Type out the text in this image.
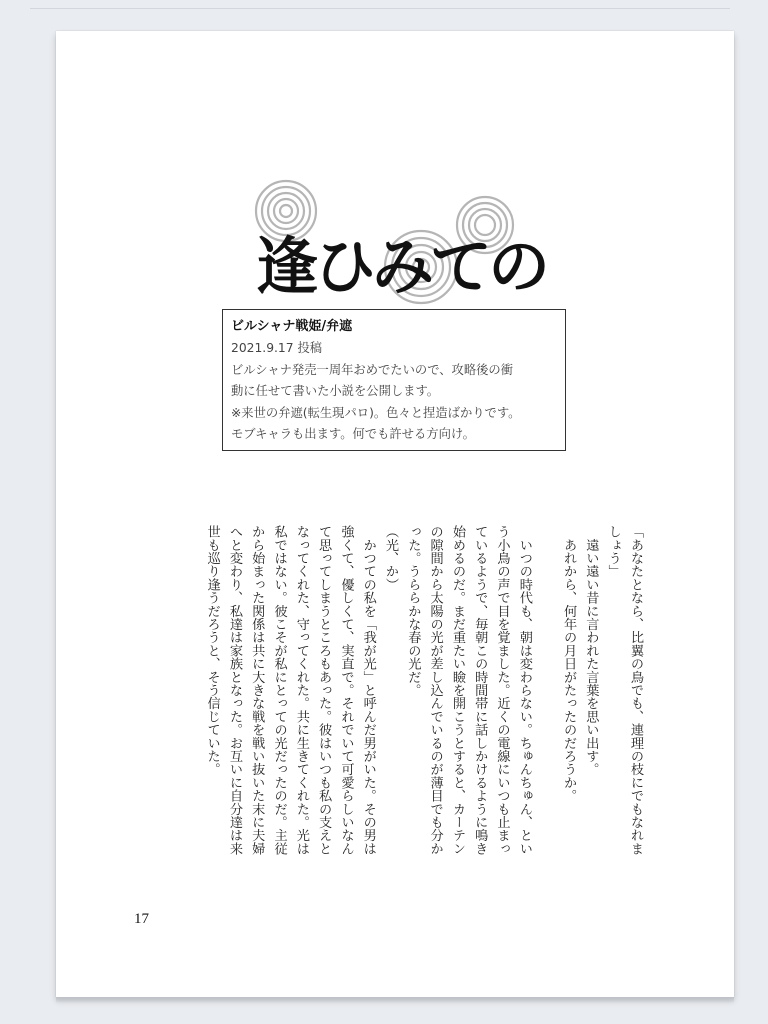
逢ひみての
ビルシャナ戦姫/弁遮
2021.9.17 投稿
ビルシャナ発売一周年おめでたいので、攻略後の衝
動に任せて書いた小説を公開します。
※来世の弁遮(転生現パロ)。色々と捏造ばかりです。
モブキャラも出ます。何でも許せる方向け。

「あなたとなら、比翼の鳥でも、連理の枝にでもなれま

しょう」

　遠い遠い昔に言われた言葉を思い出す。

　あれから、何年の月日がたったのだろうか。

　いつの時代も、朝は変わらない。ちゅんちゅん、とい

う小鳥の声で目を覚ました。近くの電線にいつも止まっ

ているようで、毎朝この時間帯に話しかけるように鳴き

始めるのだ。まだ重たい瞼を開こうとすると、カーテン

の隙間から太陽の光が差し込んでいるのが薄目でも分か

った。うららかな春の光だ。

（光、か）

　かつての私を「我が光」と呼んだ男がいた。その男は

強くて、優しくて、実直で。それでいて可愛らしいなん

て思ってしまうところもあった。彼はいつも私の支えと

なってくれた、守ってくれた。共に生きてくれた。光は

私ではない。彼こそが私にとっての光だったのだ。主従

から始まった関係は共に大きな戦を戦い抜いた末に夫婦

へと変わり、私達は家族となった。お互いに自分達は来

世も巡り逢うだろうと、そう信じていた。

17
